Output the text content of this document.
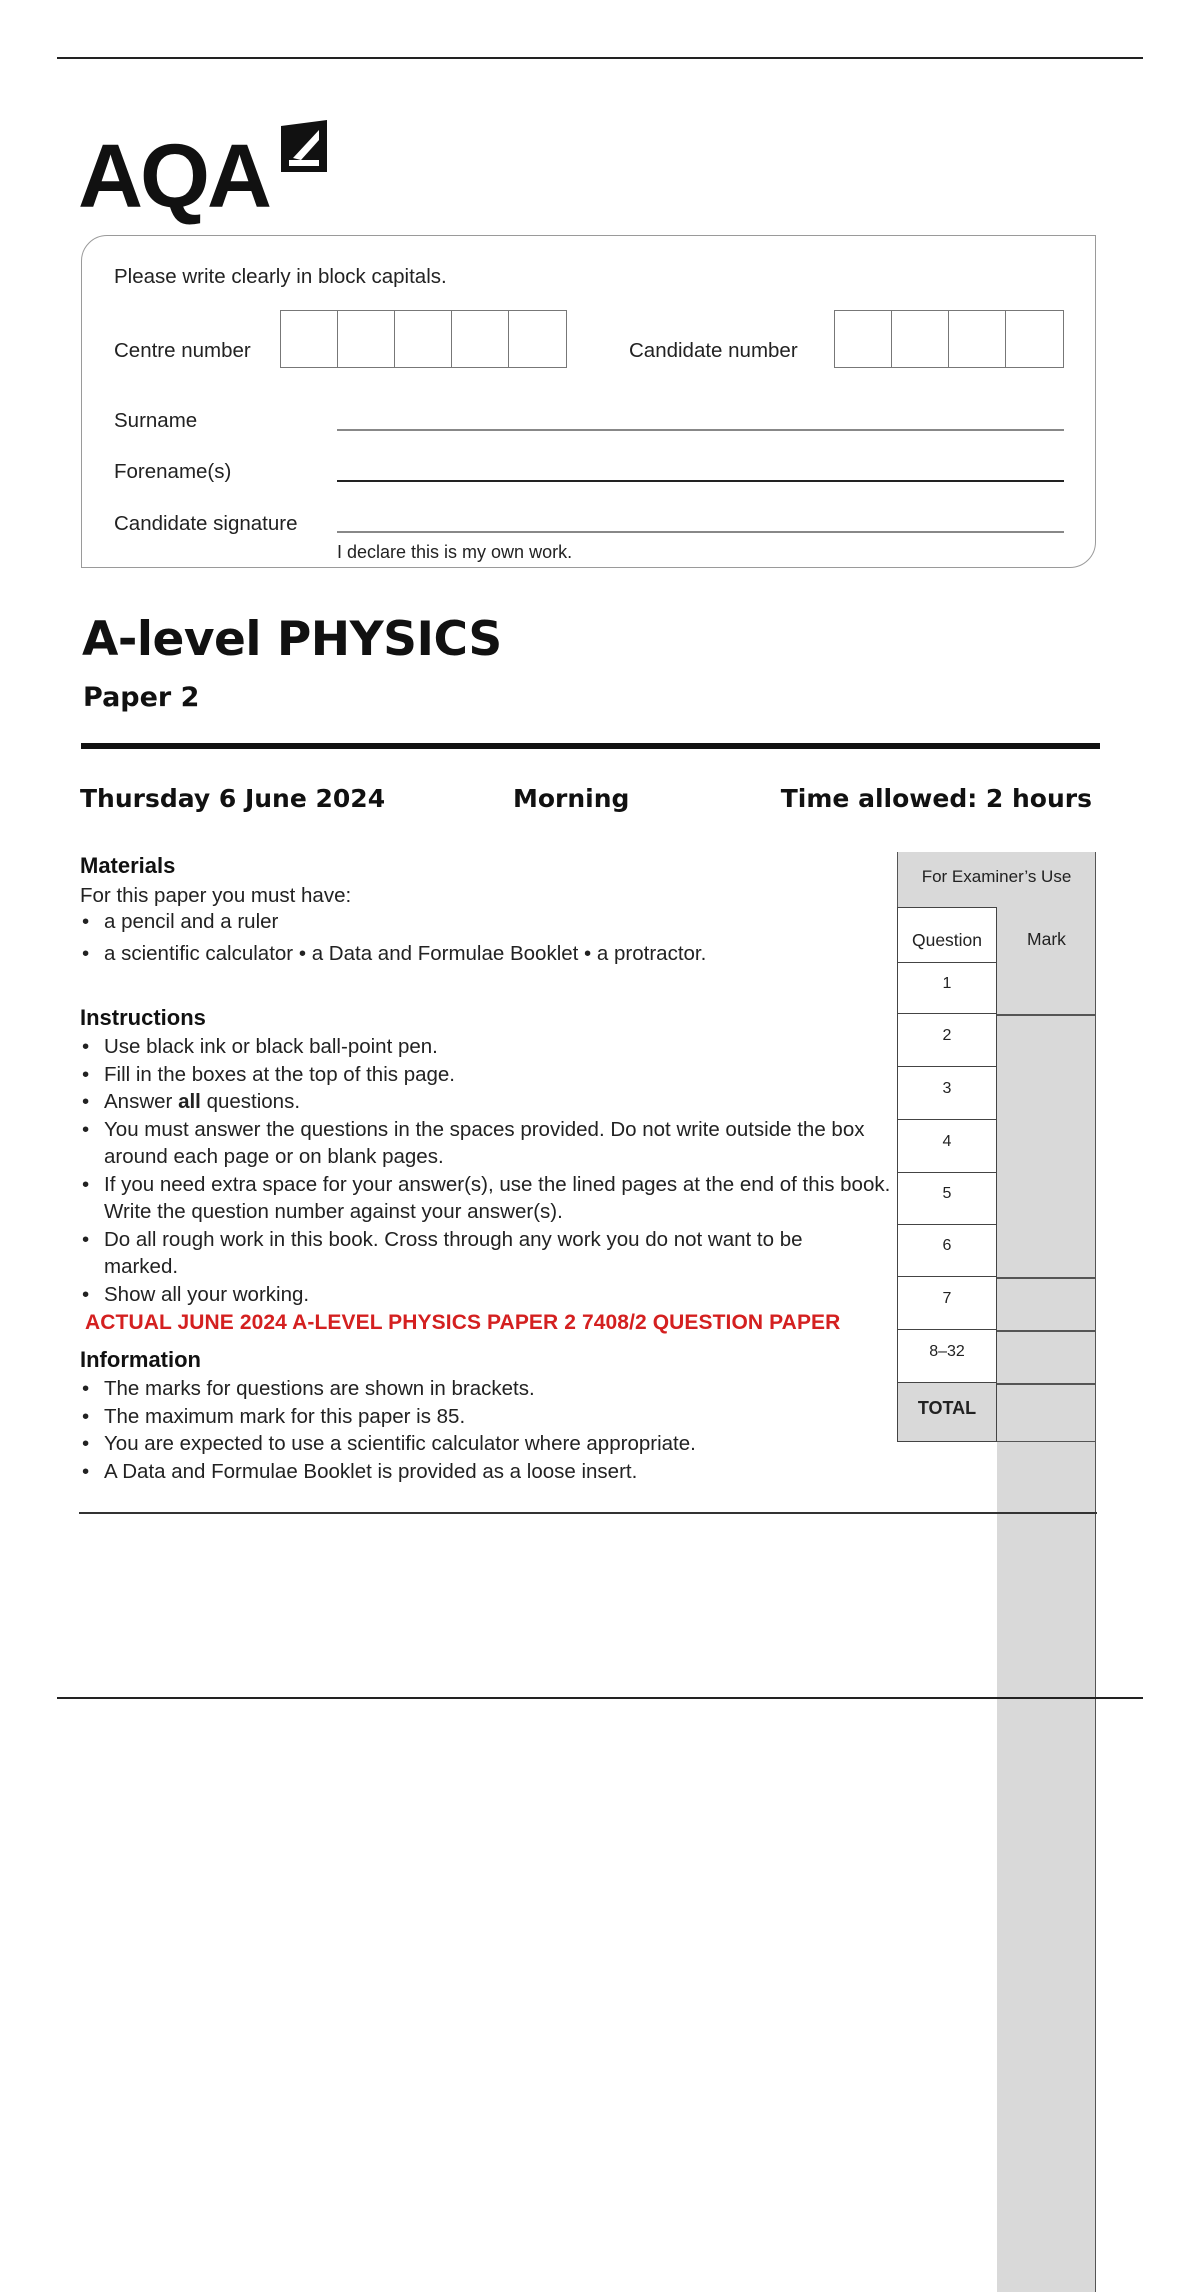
AQA
Please write clearly in block capitals.
Centre number	Candidate number
Surname
Forename(s)
Candidate signature
I declare this is my own work.
A-level PHYSICS
Paper 2
Thursday 6 June 2024	Morning	Time allowed: 2 hours
Materials
For this paper you must have:
• a pencil and a ruler
• a scientific calculator • a Data and Formulae Booklet • a protractor.
Instructions
• Use black ink or black ball-point pen.
• Fill in the boxes at the top of this page.
• Answer all questions.
• You must answer the questions in the spaces provided. Do not write outside the box around each page or on blank pages.
• If you need extra space for your answer(s), use the lined pages at the end of this book. Write the question number against your answer(s).
• Do all rough work in this book. Cross through any work you do not want to be marked.
• Show all your working.
ACTUAL JUNE 2024 A-LEVEL PHYSICS PAPER 2 7408/2 QUESTION PAPER
Information
• The marks for questions are shown in brackets.
• The maximum mark for this paper is 85.
• You are expected to use a scientific calculator where appropriate.
• A Data and Formulae Booklet is provided as a loose insert.
For Examiner’s Use
Question	Mark
1
2
3
4
5
6
7
8–32
TOTAL
